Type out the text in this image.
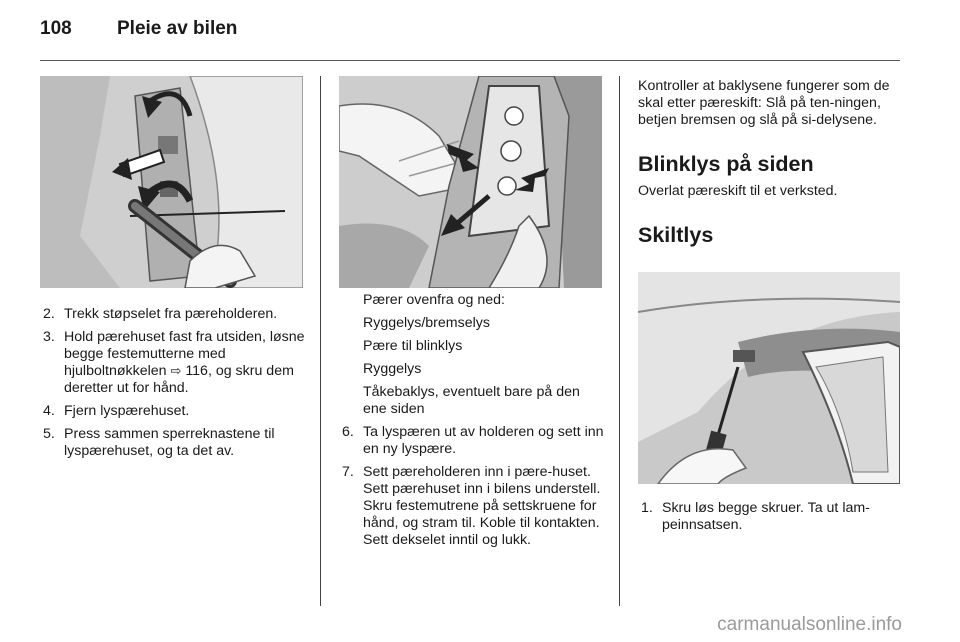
108 Pleie av bilen
2. Trekk støpselet fra pæreholderen.
3. Hold pærehuset fast fra utsiden, løsne begge festemutterne med hjulboltnøkkelen ⇨ 116, og skru dem deretter ut for hånd.
4. Fjern lyspærehuset.
5. Press sammen sperreknastene til lyspærehuset, og ta det av.
Pærer ovenfra og ned:
Ryggelys/bremselys
Pære til blinklys
Ryggelys
Tåkebaklys, eventuelt bare på den ene siden
6. Ta lyspæren ut av holderen og sett inn en ny lyspære.
7. Sett pæreholderen inn i pære-huset. Sett pærehuset inn i bilens understell. Skru festemutrene på settskruene for hånd, og stram til. Koble til kontakten. Sett dekselet inntil og lukk.
Kontroller at baklysene fungerer som de skal etter pæreskift: Slå på ten-ningen, betjen bremsen og slå på si-delysene.
Blinklys på siden
Overlat pæreskift til et verksted.
Skiltlys
1. Skru løs begge skruer. Ta ut lam-peinnsatsen.
carmanualsonline.info
